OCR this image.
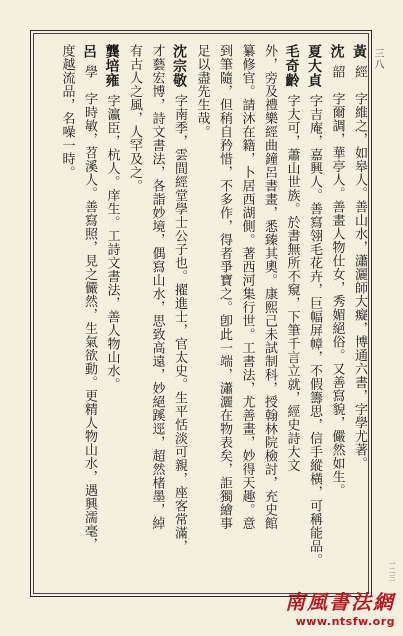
三八
一二三
黃經　字維之，如皋人。善山水，瀟灑師大癡，博通六書，字學尤著。
沈韶　字爾調，華亭人。善畫人物仕女，秀媚絕俗。又善寫貌，儼然如生。
夏大貞字吉庵，嘉興人。善寫翎毛花卉，巨幅屏幛，不假籌思，信手縱橫，可稱能品。
毛奇齡字大可，蕭山世族。於書無所不窺，下筆千言立就，經史詩大文
外，旁及禮樂經曲鐘呂書畫，悉臻其奧。康熙己未試制科，授翰林院檢討，充史館
纂修官。請沐在籍，卜居西湖側。著西河集行世。工書法，尤善畫，妙得天趣。意
到筆隨，但稍自矜惜，不多作，得者爭寶之。卽此一端，瀟灑在物表矣，詎獨繪事
足以盡先生哉。
沈宗敬字南季，雲間經堂學士公子也。擢進士，官太史。生平恬淡可親，座客常滿，
才藝宏博，詩文書法，各詣妙境，偶寫山水，思致高遠，妙絕蹊逕，超然楮墨，綽
有古人之風，人罕及之。
龔培雍字瀛臣，杭人。庠生。工詩文書法，善人物山水。
呂學　字時敏，苕溪人。善寫照，見之儼然，生氣欲動。更精人物山水，遇興濡毫，
度越流品，名噪一時。
南風書法網
www.ntsfw.org
